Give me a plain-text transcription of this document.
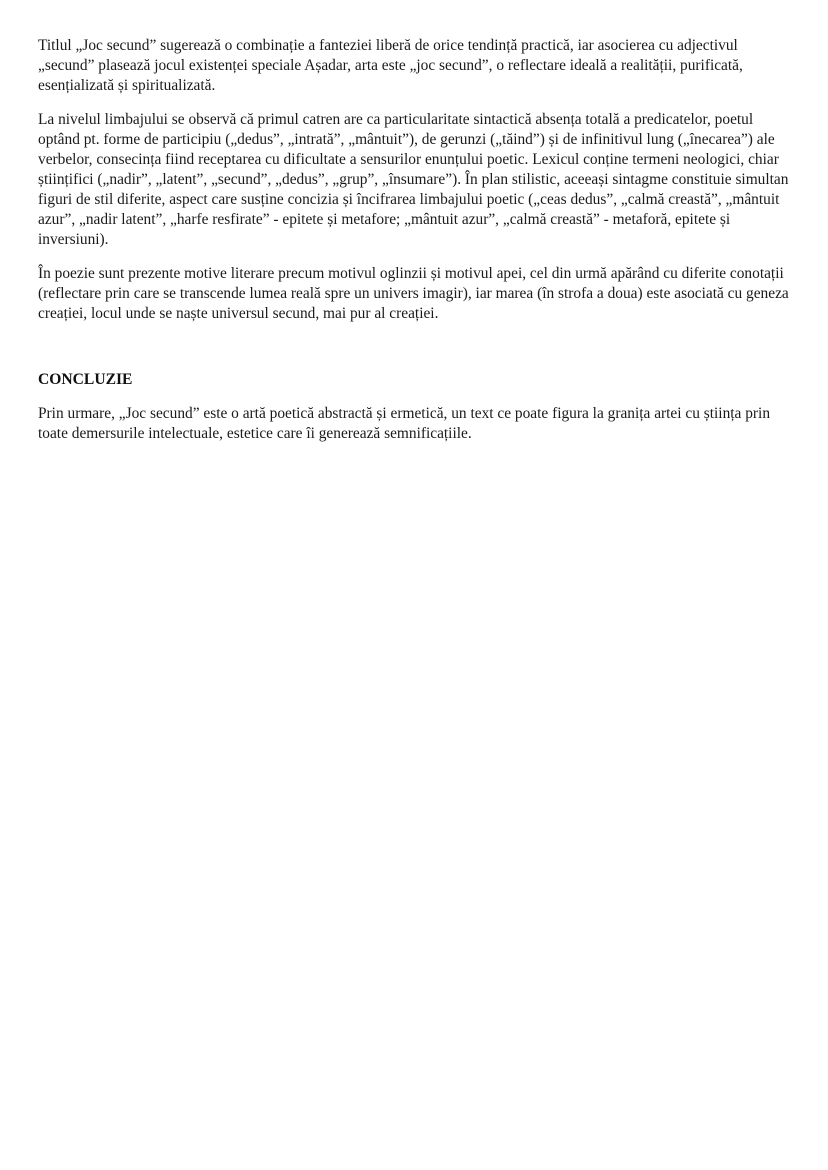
Titlul „Joc secund” sugerează o combinație a fanteziei liberă de orice tendință practică, iar asocierea cu adjectivul „secund” plasează jocul existenței speciale Așadar, arta este „joc secund”, o reflectare ideală a realității, purificată, esențializată și spiritualizată.

La nivelul limbajului se observă că primul catren are ca particularitate sintactică absența totală a predicatelor, poetul optând pt. forme de participiu („dedus”, „intrată”, „mântuit”), de gerunzi („tăind”) și de infinitivul lung („înecarea”) ale verbelor, consecința fiind receptarea cu dificultate a sensurilor enunțului poetic. Lexicul conține termeni neologici, chiar științifici („nadir”, „latent”, „secund”, „dedus”, „grup”, „însumare”). În plan stilistic, aceeași sintagme constituie simultan figuri de stil diferite, aspect care susține concizia și încifrarea limbajului poetic („ceas dedus”, „calmă creastă”, „mântuit azur”, „nadir latent”, „harfe resfirate” - epitete și metafore; „mântuit azur”, „calmă creastă” - metaforă, epitete și inversiuni).

În poezie sunt prezente motive literare precum motivul oglinzii și motivul apei, cel din urmă apărând cu diferite conotații (reflectare prin care se transcende lumea reală spre un univers imagir), iar marea (în strofa a doua) este asociată cu geneza creației, locul unde se naște universul secund, mai pur al creației.

CONCLUZIE

Prin urmare, „Joc secund” este o artă poetică abstractă și ermetică, un text ce poate figura la granița artei cu știința prin toate demersurile intelectuale, estetice care îi generează semnificațiile.
